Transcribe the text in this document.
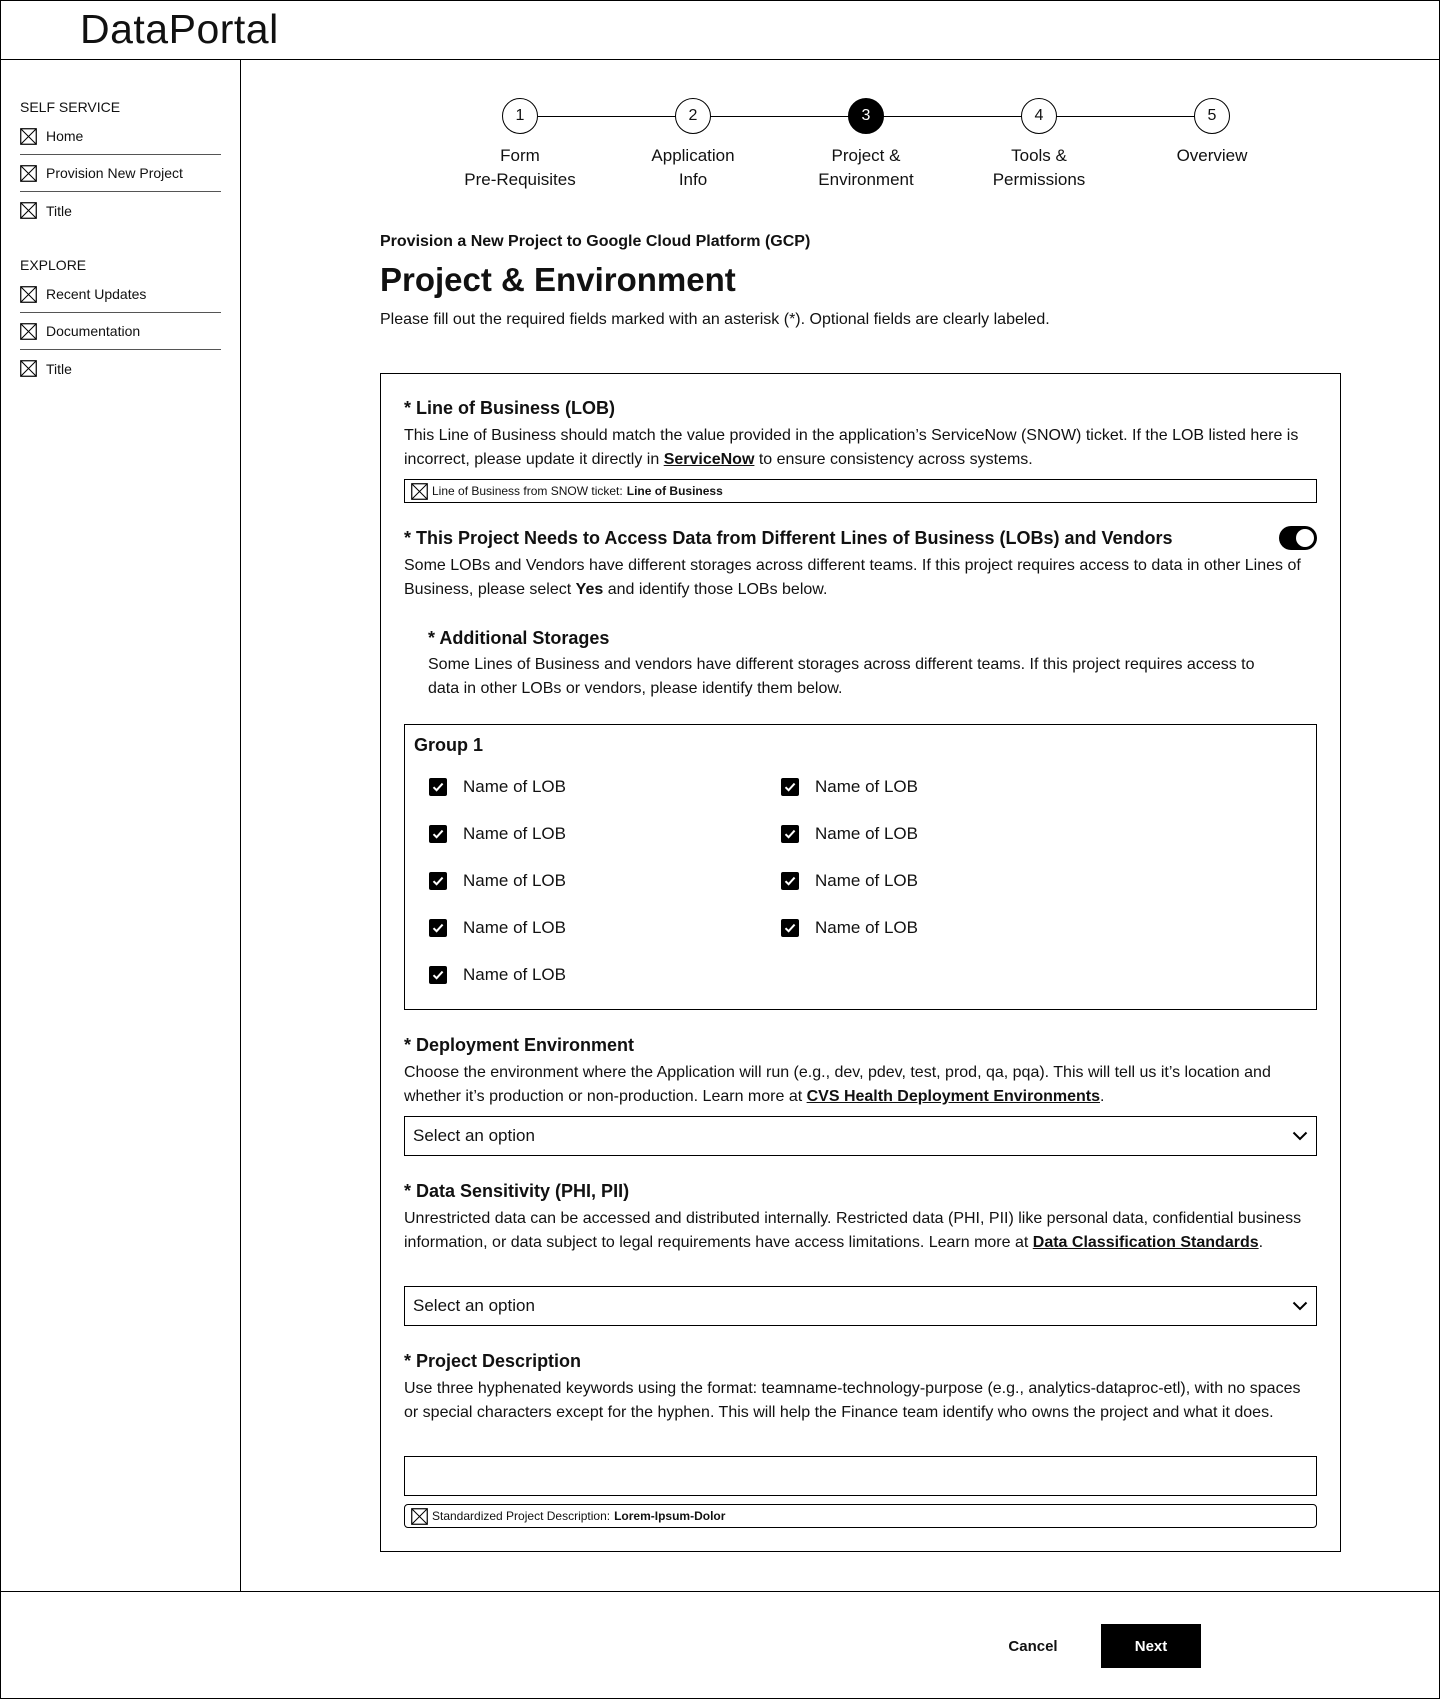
DataPortal
SELF SERVICE
Home
Provision New Project
Title
EXPLORE
Recent Updates
Documentation
Title
1
Form
Pre-Requisites
2
Application
Info
3
Project &
Environment
4
Tools &
Permissions
5
Overview
Provision a New Project to Google Cloud Platform (GCP)
Project & Environment
Please fill out the required fields marked with an asterisk (*). Optional fields are clearly labeled.
* Line of Business (LOB)
This Line of Business should match the value provided in the application’s ServiceNow (SNOW) ticket. If the LOB listed here is incorrect, please update it directly in ServiceNow to ensure consistency across systems.
Line of Business from SNOW ticket: Line of Business
* This Project Needs to Access Data from Different Lines of Business (LOBs) and Vendors
Some LOBs and Vendors have different storages across different teams. If this project requires access to data in other Lines of Business, please select Yes and identify those LOBs below.
* Additional Storages
Some Lines of Business and vendors have different storages across different teams. If this project requires access to data in other LOBs or vendors, please identify them below.
Group 1
Name of LOB
Name of LOB
Name of LOB
Name of LOB
Name of LOB
Name of LOB
Name of LOB
Name of LOB
Name of LOB
* Deployment Environment
Choose the environment where the Application will run (e.g., dev, pdev, test, prod, qa, pqa). This will tell us it’s location and whether it’s production or non-production. Learn more at CVS Health Deployment Environments.
Select an option
* Data Sensitivity (PHI, PII)
Unrestricted data can be accessed and distributed internally. Restricted data (PHI, PII) like personal data, confidential business information, or data subject to legal requirements have access limitations. Learn more at Data Classification Standards.
Select an option
* Project Description
Use three hyphenated keywords using the format: teamname-technology-purpose (e.g., analytics-dataproc-etl), with no spaces or special characters except for the hyphen. This will help the Finance team identify who owns the project and what it does.
Standardized Project Description: Lorem-Ipsum-Dolor
Cancel	Next
